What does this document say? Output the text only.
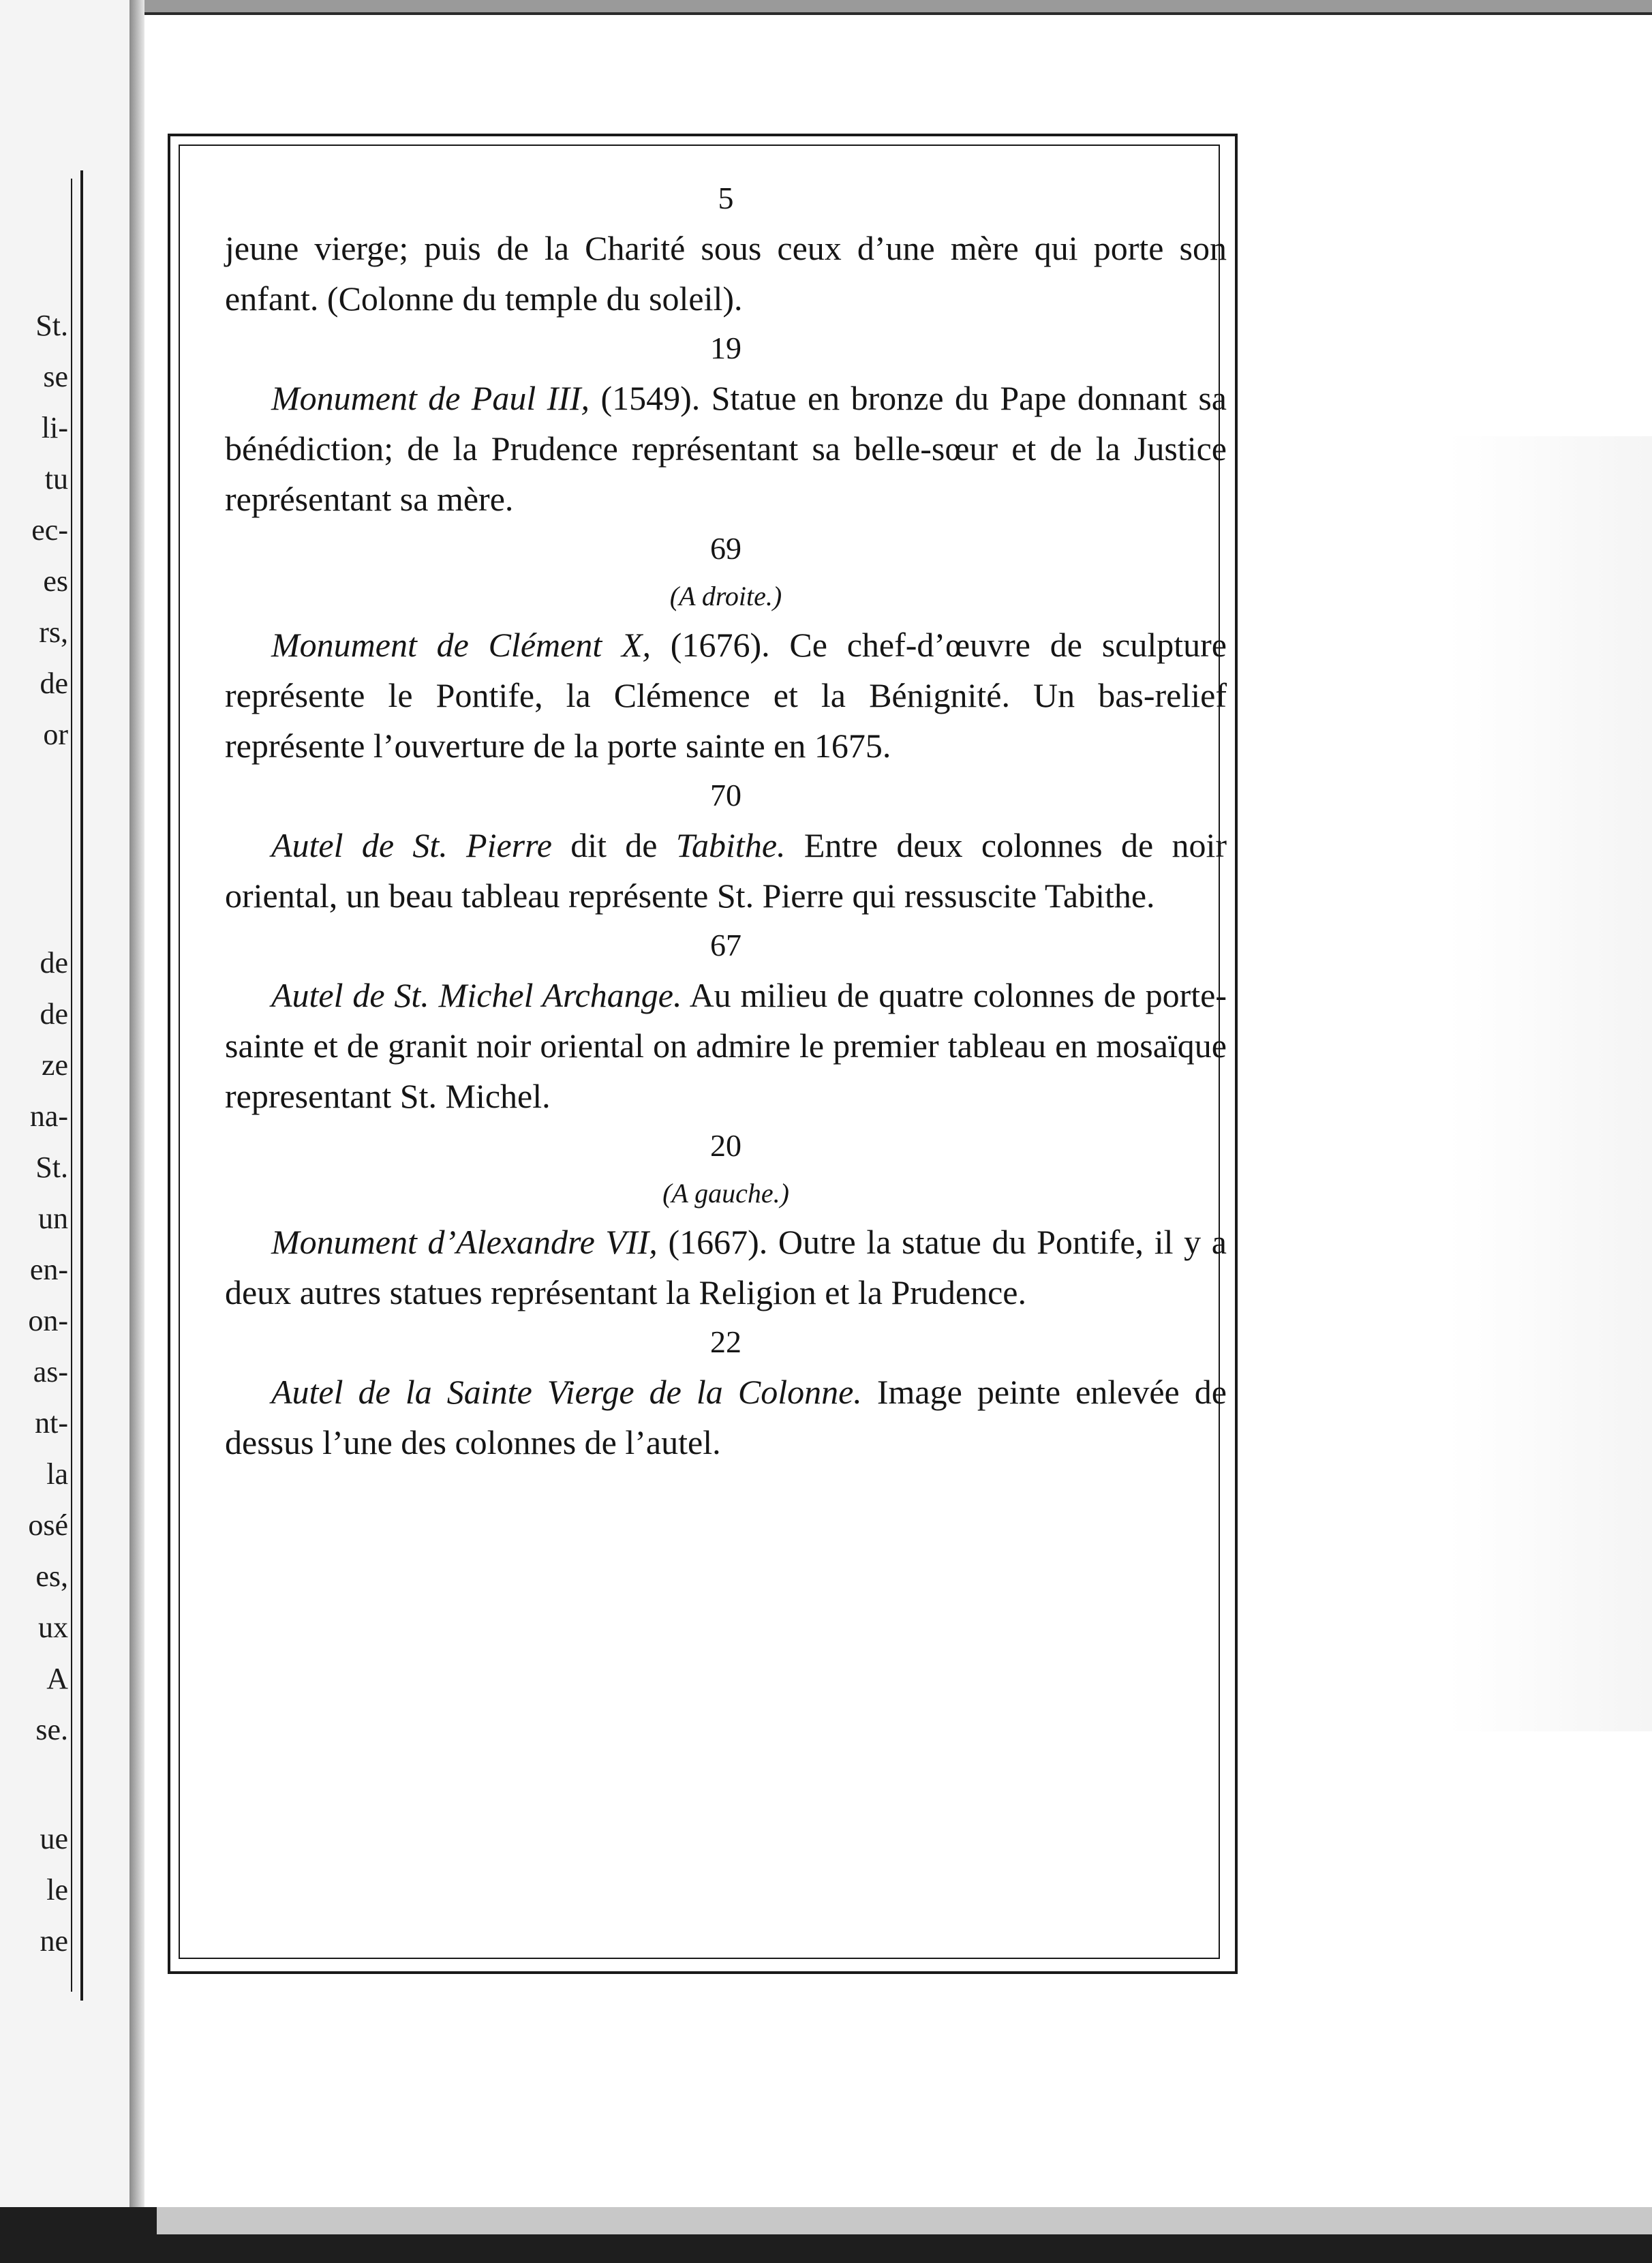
St.
se
li-
tu
ec-
es
rs,
de
or
de
de
ze
na-
St.
un
en-
on-
as-
nt-
la
osé
es,
ux
A
se.
ue
le
ne

5

jeune vierge; puis de la Charité sous ceux d’une mère qui porte son enfant. (Colonne du temple du soleil).

19

Monument de Paul III, (1549). Statue en bronze du Pape donnant sa bénédiction; de la Prudence représentant sa belle-sœur et de la Justice représentant sa mère.

69

(A droite.)

Monument de Clément X, (1676). Ce chef-d’œuvre de sculpture représente le Pontife, la Clémence et la Bénignité. Un bas-relief représente l’ouverture de la porte sainte en 1675.

70

Autel de St. Pierre dit de Tabithe. Entre deux colonnes de noir oriental, un beau tableau représente St. Pierre qui ressuscite Tabithe.

67

Autel de St. Michel Archange. Au milieu de quatre colonnes de porte-sainte et de granit noir oriental on admire le premier tableau en mosaïque representant St. Michel.

20

(A gauche.)

Monument d’Alexandre VII, (1667). Outre la statue du Pontife, il y a deux autres statues représentant la Religion et la Prudence.

22

Autel de la Sainte Vierge de la Colonne. Image peinte enlevée de dessus l’une des colonnes de l’autel.
